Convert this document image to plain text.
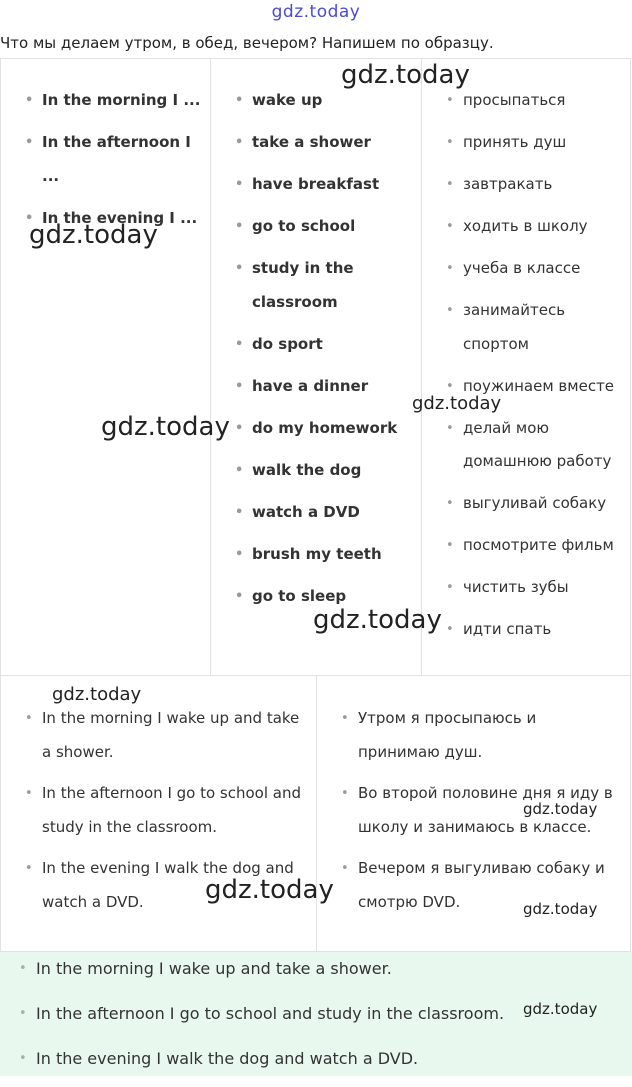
gdz.today
Что мы делаем утром, в обед, вечером? Напишем по образцу.
• In the morning I ...
• In the afternoon I ...
• In the evening I ...
• wake up
• take a shower
• have breakfast
• go to school
• study in the classroom
• do sport
• have a dinner
• do my homework
• walk the dog
• watch a DVD
• brush my teeth
• go to sleep
• просыпаться
• принять душ
• завтракать
• ходить в школу
• учеба в классе
• занимайтесь спортом
• поужинаем вместе
• делай мою домашнюю работу
• выгуливай собаку
• посмотрите фильм
• чистить зубы
• идти спать
• In the morning I wake up and take a shower.
• In the afternoon I go to school and study in the classroom.
• In the evening I walk the dog and watch a DVD.
• Утром я просыпаюсь и принимаю душ.
• Во второй половине дня я иду в школу и занимаюсь в классе.
• Вечером я выгуливаю собаку и смотрю DVD.
• In the morning I wake up and take a shower.
• In the afternoon I go to school and study in the classroom.
• In the evening I walk the dog and watch a DVD.
gdz.today
gdz.today
gdz.today
gdz.today
gdz.today
gdz.today
gdz.today
gdz.today
gdz.today
gdz.today
